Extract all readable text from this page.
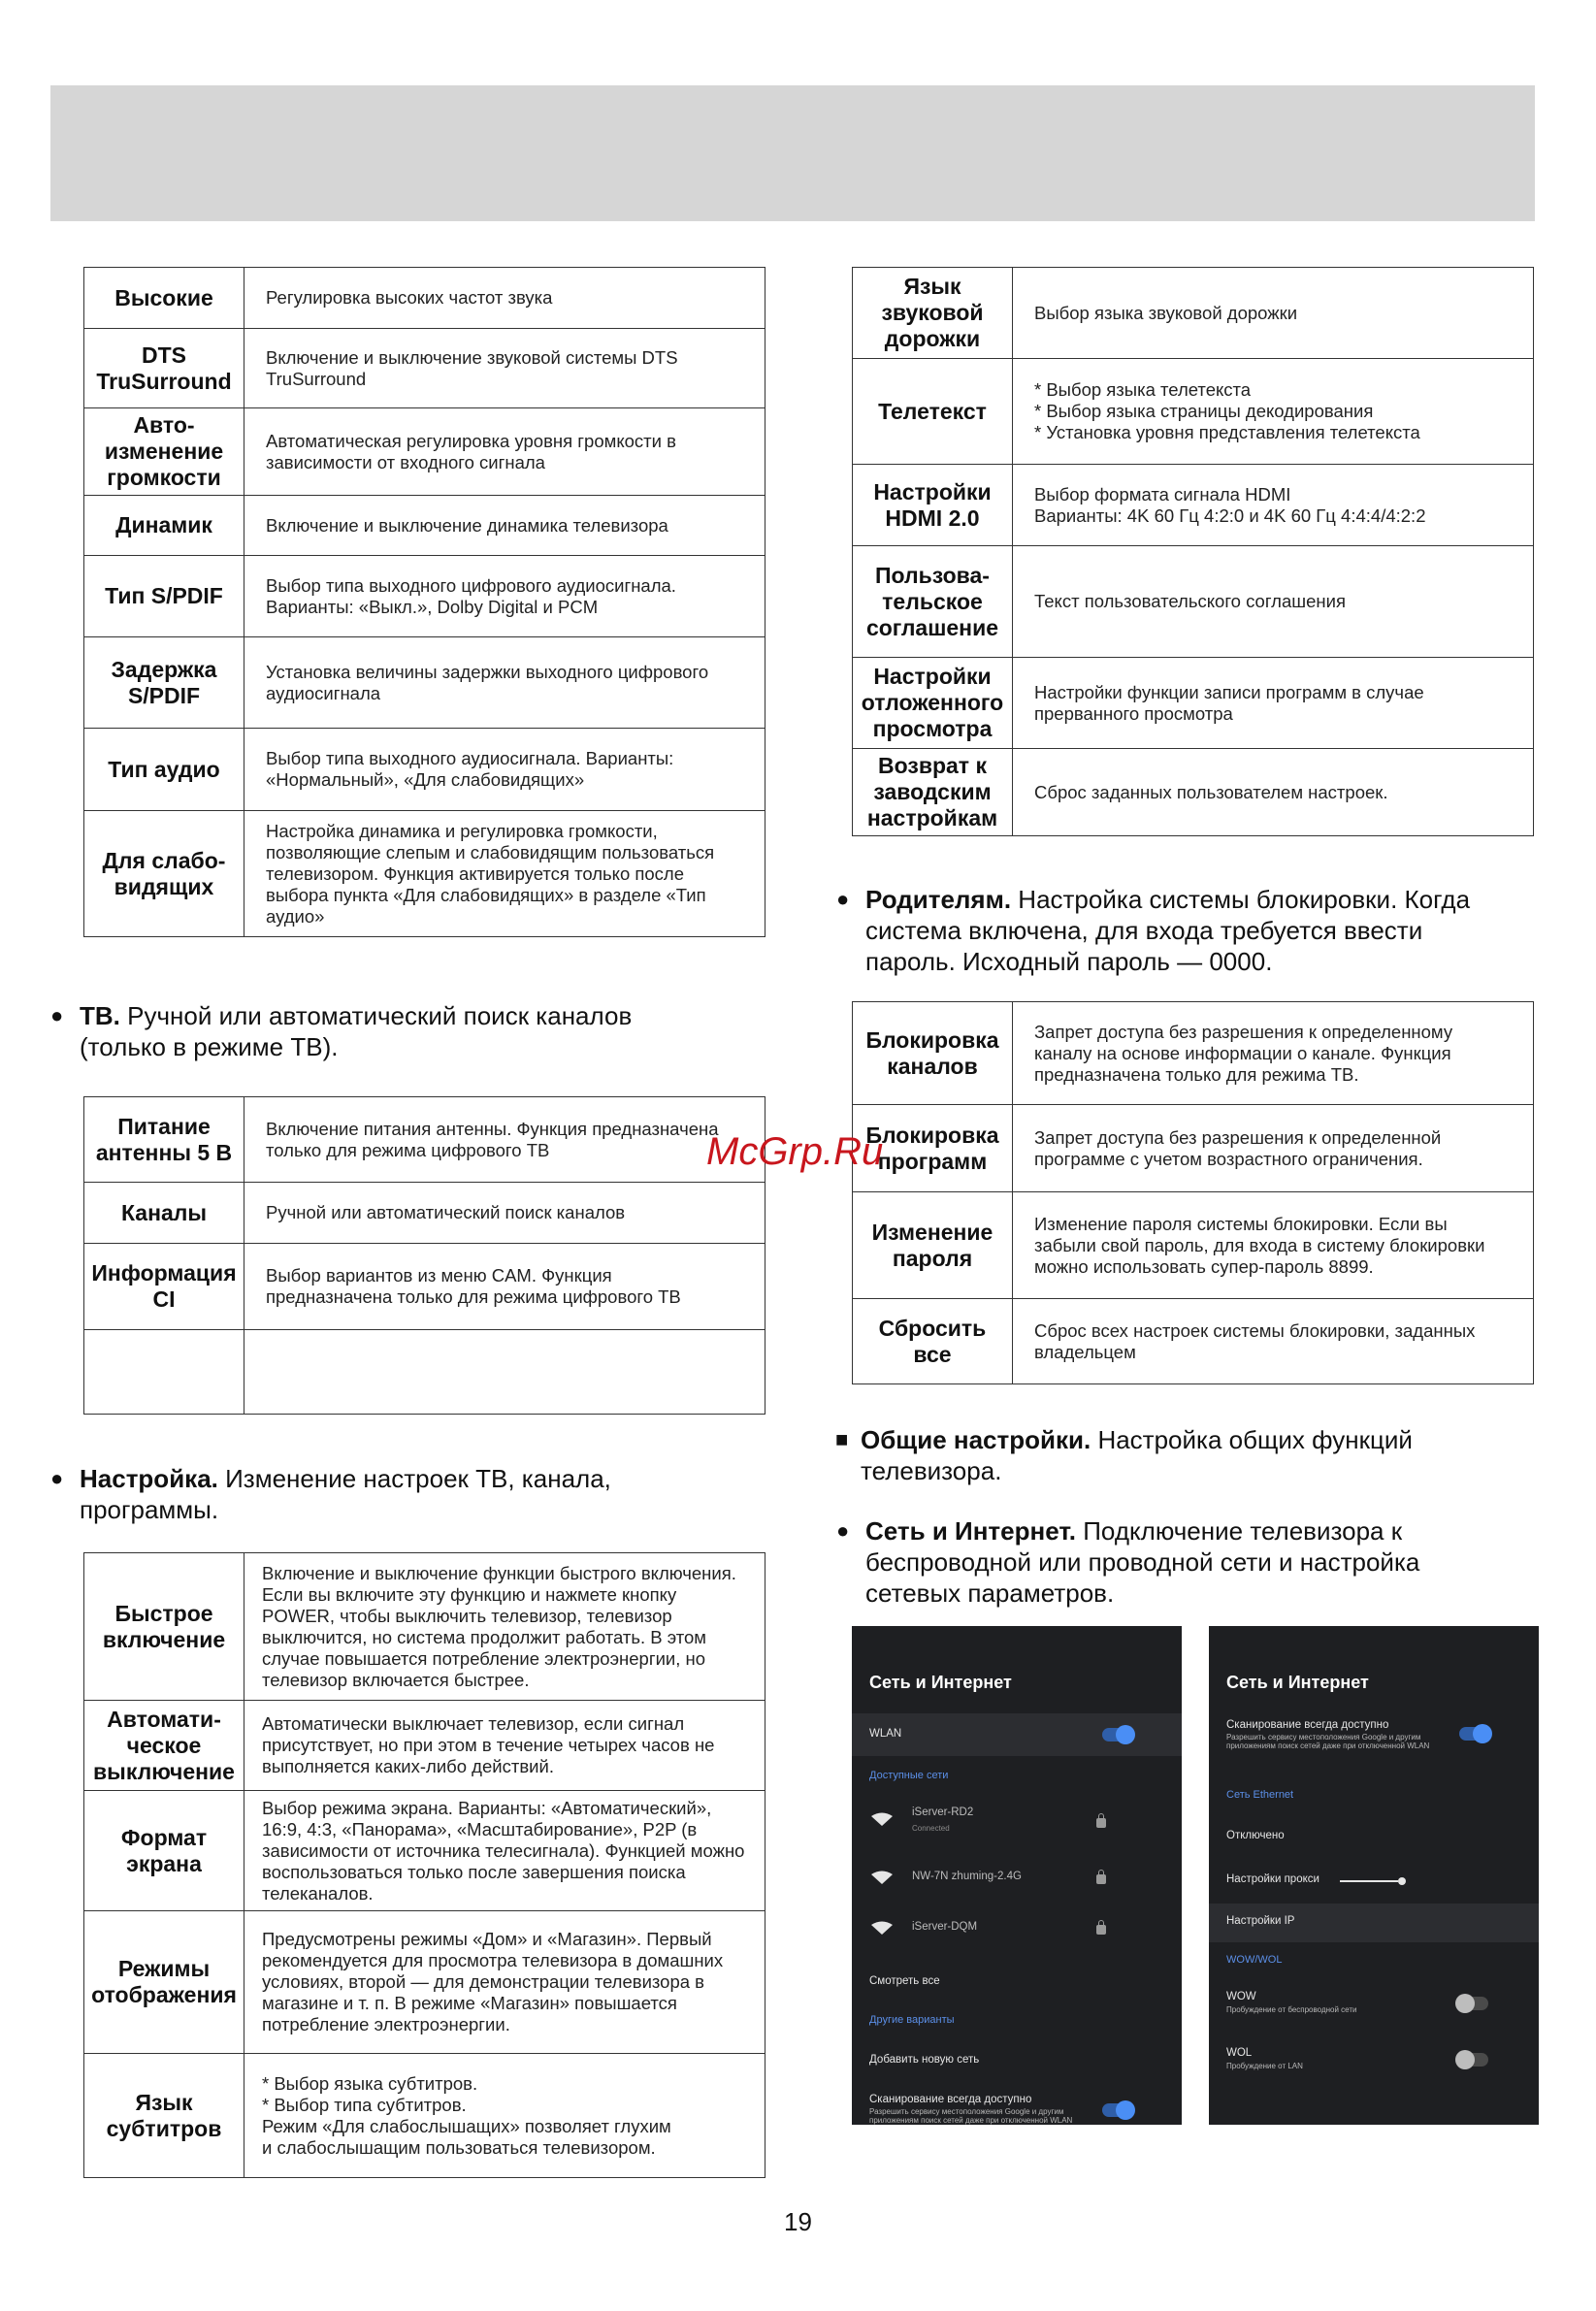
Высокие	Регулировка высоких частот звука
DTS TruSurround	Включение и выключение звуковой системы DTS TruSurround
Авто-изменение громкости	Автоматическая регулировка уровня громкости в зависимости от входного сигнала
Динамик	Включение и выключение динамика телевизора
Тип S/PDIF	Выбор типа выходного цифрового аудиосигнала. Варианты: «Выкл.», Dolby Digital и PCM
Задержка S/PDIF	Установка величины задержки выходного цифрового аудиосигнала
Тип аудио	Выбор типа выходного аудиосигнала. Варианты: «Нормальный», «Для слабовидящих»
Для слабо-видящих	Настройка динамика и регулировка громкости, позволяющие слепым и слабовидящим пользоваться телевизором. Функция активируется только после выбора пункта «Для слабовидящих» в разделе «Тип аудио»
● ТВ. Ручной или автоматический поиск каналов (только в режиме ТВ).
Питание антенны 5 В	Включение питания антенны. Функция предназначена только для режима цифрового ТВ
Каналы	Ручной или автоматический поиск каналов
Информация CI	Выбор вариантов из меню CAM. Функция предназначена только для режима цифрового ТВ

● Настройка. Изменение настроек ТВ, канала, программы.
Быстрое включение	Включение и выключение функции быстрого включения. Если вы включите эту функцию и нажмете кнопку POWER, чтобы выключить телевизор, телевизор выключится, но система продолжит работать. В этом случае повышается потребление электроэнергии, но телевизор включается быстрее.
Автомати-ческое выключение	Автоматически выключает телевизор, если сигнал присутствует, но при этом в течение четырех часов не выполняется каких-либо действий.
Формат экрана	Выбор режима экрана. Варианты: «Автоматический», 16:9, 4:3, «Панорама», «Масштабирование», P2P (в зависимости от источника телесигнала). Функцией можно воспользоваться только после завершения поиска телеканалов.
Режимы отображения	Предусмотрены режимы «Дом» и «Магазин». Первый рекомендуется для просмотра телевизора в домашних условиях, второй — для демонстрации телевизора в магазине и т. п. В режиме «Магазин» повышается потребление электроэнергии.
Язык субтитров	* Выбор языка субтитров.
* Выбор типа субтитров.
Режим «Для слабослышащих» позволяет глухим
и слабослышащим пользоваться телевизором.
Язык звуковой дорожки	Выбор языка звуковой дорожки
Телетекст	* Выбор языка телетекста
* Выбор языка страницы декодирования
* Установка уровня представления телетекста
Настройки HDMI 2.0	Выбор формата сигнала HDMI
Варианты: 4K 60 Гц 4:2:0 и 4K 60 Гц 4:4:4/4:2:2
Пользова-тельское соглашение	Текст пользовательского соглашения
Настройки отложенного просмотра	Настройки функции записи программ в случае прерванного просмотра
Возврат к заводским настройкам	Сброс заданных пользователем настроек.
● Родителям. Настройка системы блокировки. Когда система включена, для входа требуется ввести пароль. Исходный пароль — 0000.
Блокировка каналов	Запрет доступа без разрешения к определенному каналу на основе информации о канале. Функция предназначена только для режима ТВ.
Блокировка программ	Запрет доступа без разрешения к определенной программе с учетом возрастного ограничения.
Изменение пароля	Изменение пароля системы блокировки. Если вы забыли свой пароль, для входа в систему блокировки можно использовать супер-пароль 8899.
Сбросить все	Сброс всех настроек системы блокировки, заданных владельцем
■ Общие настройки. Настройка общих функций телевизора.
● Сеть и Интернет. Подключение телевизора к беспроводной или проводной сети и настройка сетевых параметров.
Сеть и Интернет
WLAN
Доступные сети
iServer-RD2
Connected
NW-7N zhuming-2.4G
iServer-DQM
Смотреть все
Другие варианты
Добавить новую сеть
Сканирование всегда доступно
Разрешить сервису местоположения Google и другим приложениям поиск сетей даже при отключенной WLAN
Сеть и Интернет
Сканирование всегда доступно
Разрешить сервису местоположения Google и другим приложениям поиск сетей даже при отключенной WLAN
Сеть Ethernet
Отключено
Настройки прокси
Настройки IP
WOW/WOL
WOW
Пробуждение от беспроводной сети
WOL
Пробуждение от LAN
McGrp.Ru
19
